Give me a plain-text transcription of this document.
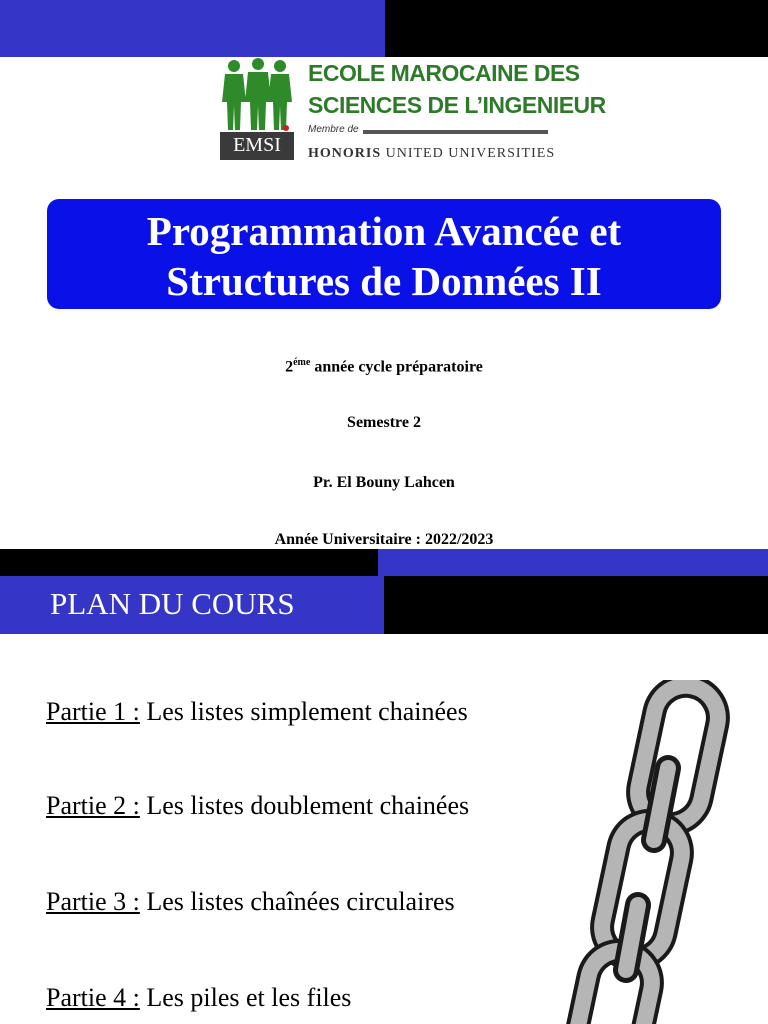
EMSI
ECOLE MAROCAINE DES
SCIENCES DE L’INGENIEUR
Membre de
HONORIS UNITED UNIVERSITIES
Programmation Avancée et
Structures de Données II
$2^{éme}$ année cycle préparatoire
Semestre 2
Pr. El Bouny Lahcen
Année Universitaire : 2022/2023
PLAN DU COURS
Partie 1 : Les listes simplement chainées
Partie 2 : Les listes doublement chainées
Partie 3 : Les listes chaînées circulaires
Partie 4 : Les piles et les files
